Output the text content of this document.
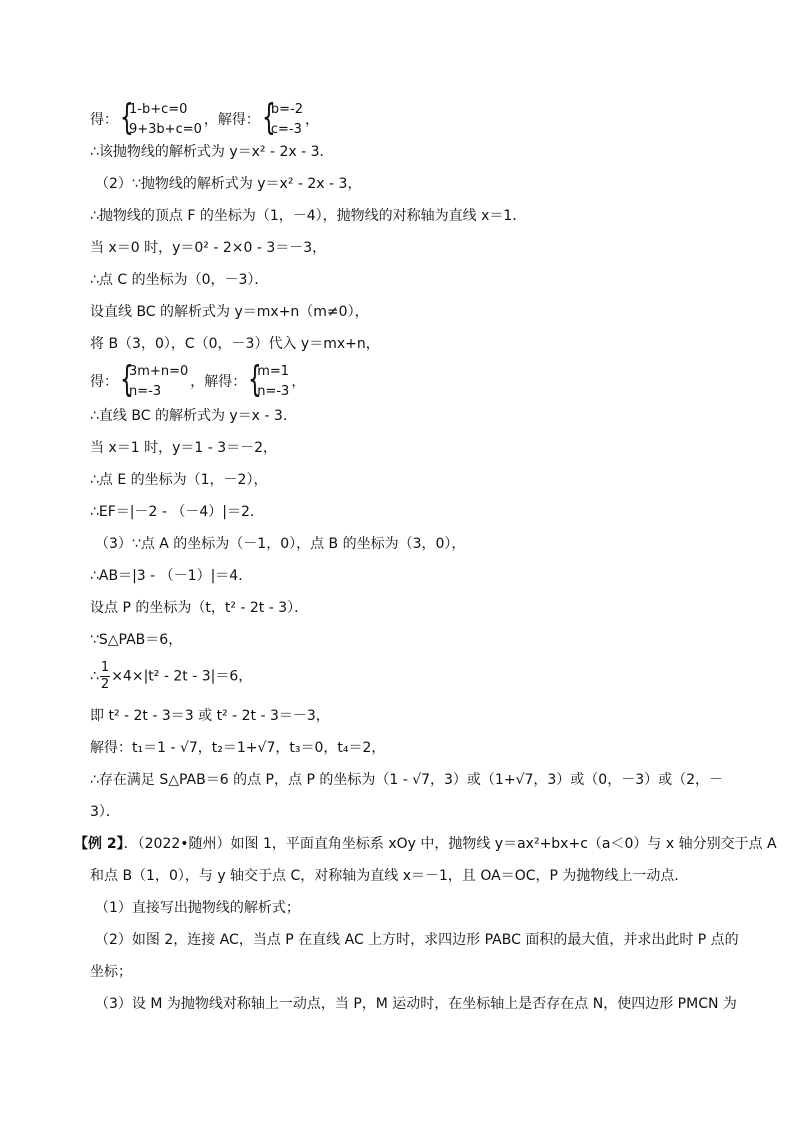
得： {
1-b+c=0
9+3b+c=0
，解得： {
b=-2
c=-3
，
∴该抛物线的解析式为 y＝x² - 2x - 3．
（2）∵抛物线的解析式为 y＝x² - 2x - 3，
∴抛物线的顶点 F 的坐标为（1，－4），抛物线的对称轴为直线 x＝1．
当 x＝0 时，y＝0² - 2×0 - 3＝－3，
∴点 C 的坐标为（0，－3）．
设直线 BC 的解析式为 y＝mx+n（m≠0），
将 B（3，0），C（0，－3）代入 y＝mx+n，
得： {
3m+n=0
n=-3
，解得： {
m=1
n=-3
，
∴直线 BC 的解析式为 y＝x - 3．
当 x＝1 时，y＝1 - 3＝－2，
∴点 E 的坐标为（1，－2），
∴EF＝|－2 - （－4）|＝2．
（3）∵点 A 的坐标为（－1，0），点 B 的坐标为（3，0），
∴AB＝|3 - （－1）|＝4．
设点 P 的坐标为（t，t² - 2t - 3）．
∵S△PAB＝6，
∴ $\frac{1}{2} \times 4\times|t^2 - 2t - 3|=6$，
即 t² - 2t - 3＝3 或 t² - 2t - 3＝－3，
解得：t₁＝1 - √7，t₂＝1+√7，t₃＝0，t₄＝2，
∴存在满足 S△PAB＝6 的点 P，点 P 的坐标为（1 - √7，3）或（1+√7，3）或（0，－3）或（2，－
3）．
【例 2】．（2022•随州）如图 1，平面直角坐标系 xOy 中，抛物线 y＝ax²+bx+c（a＜0）与 x 轴分别交于点 A
和点 B（1，0），与 y 轴交于点 C，对称轴为直线 x＝－1，且 OA＝OC，P 为抛物线上一动点．
（1）直接写出抛物线的解析式；
（2）如图 2，连接 AC，当点 P 在直线 AC 上方时，求四边形 PABC 面积的最大值，并求出此时 P 点的
坐标；
（3）设 M 为抛物线对称轴上一动点，当 P，M 运动时，在坐标轴上是否存在点 N，使四边形 PMCN 为
